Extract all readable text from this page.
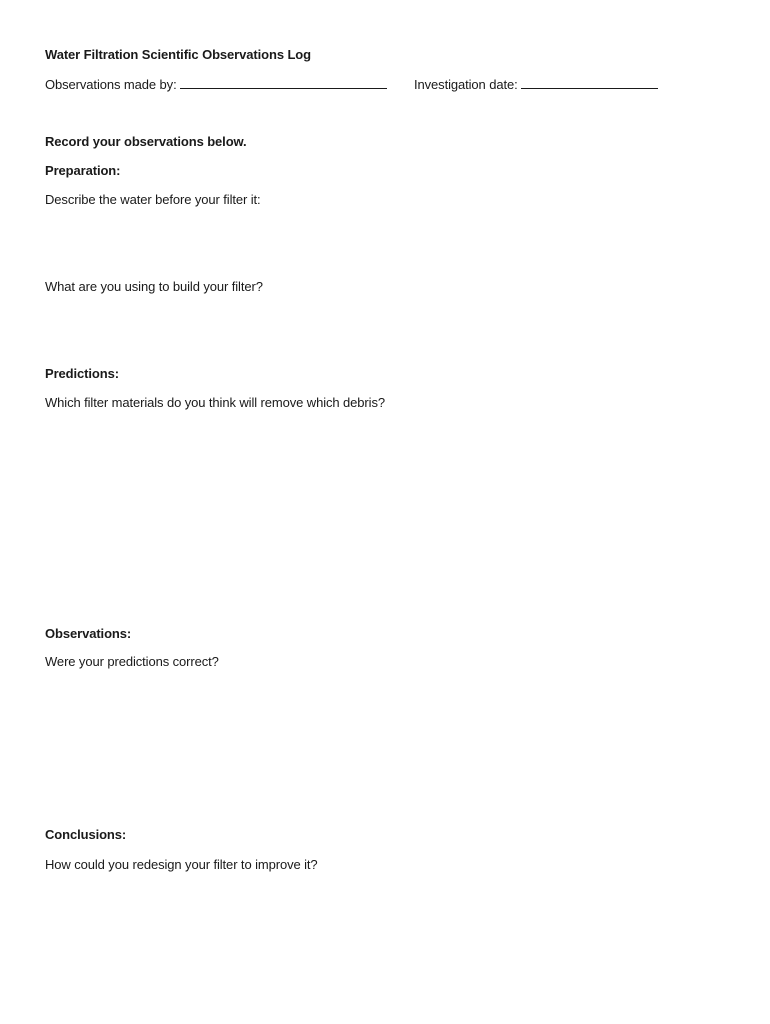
Water Filtration Scientific Observations Log
Observations made by:	Investigation date:
Record your observations below.
Preparation:
Describe the water before your filter it:
What are you using to build your filter?
Predictions:
Which filter materials do you think will remove which debris?
Observations:
Were your predictions correct?
Conclusions:
How could you redesign your filter to improve it?
